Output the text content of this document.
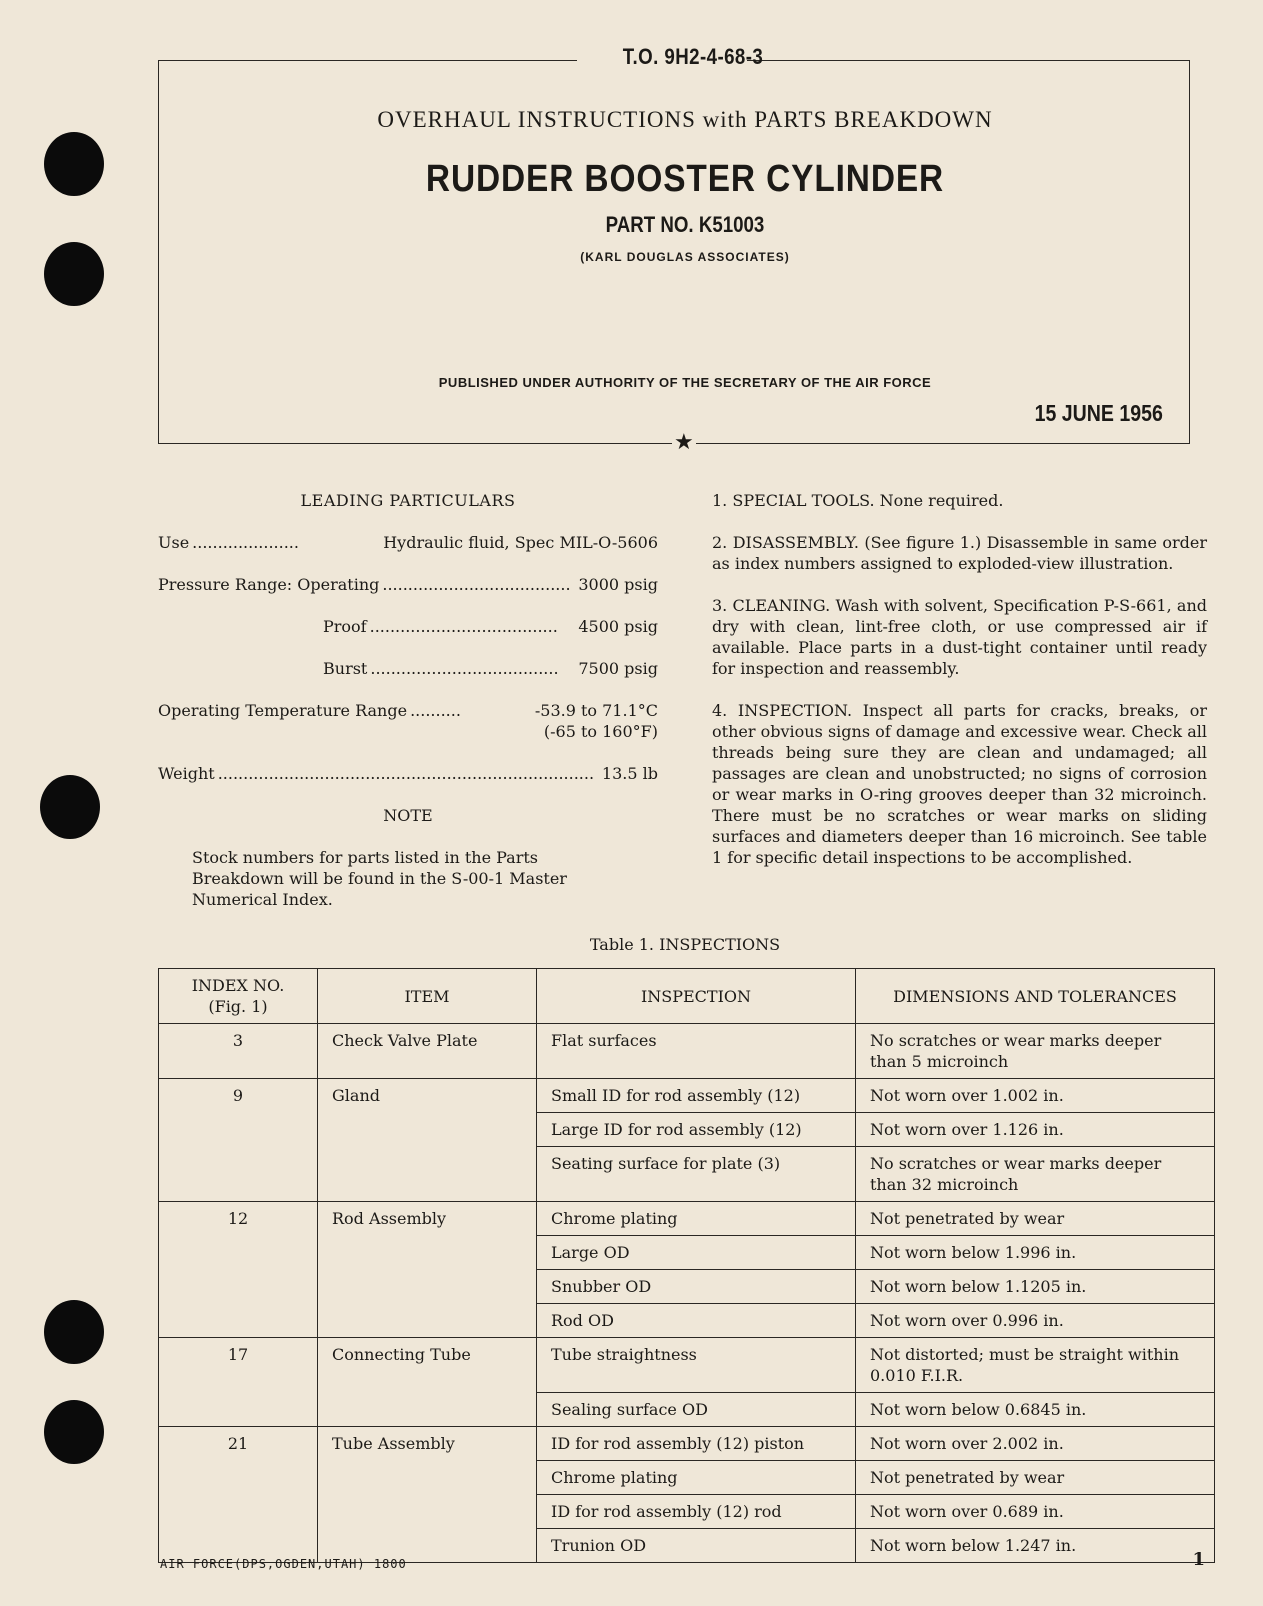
T.O. 9H2-4-68-3
OVERHAUL INSTRUCTIONS with PARTS BREAKDOWN
RUDDER BOOSTER CYLINDER
PART NO. K51003
(KARL DOUGLAS ASSOCIATES)
PUBLISHED UNDER AUTHORITY OF THE SECRETARY OF THE AIR FORCE
15 JUNE 1956
★
LEADING PARTICULARS
Use .....................	Hydraulic fluid, Spec MIL-O-5606
Pressure Range: Operating ..................................... 3000 psig
Proof .....................................	4500 psig
Burst .....................................	7500 psig
Operating Temperature Range ..........	-53.9 to 71.1°C
(-65 to 160°F)
Weight .......................................................................... 13.5 lb
NOTE
Stock numbers for parts listed in the Parts Breakdown will be found in the S-00-1 Master Numerical Index.

1. SPECIAL TOOLS. None required.

2. DISASSEMBLY. (See figure 1.) Disassemble in same order as index numbers assigned to exploded-view illustration.

3. CLEANING. Wash with solvent, Specification P-S-661, and dry with clean, lint-free cloth, or use compressed air if available. Place parts in a dust-tight container until ready for inspection and reassembly.

4. INSPECTION. Inspect all parts for cracks, breaks, or other obvious signs of damage and excessive wear. Check all threads being sure they are clean and undamaged; all passages are clean and unobstructed; no signs of corrosion or wear marks in O-ring grooves deeper than 32 microinch. There must be no scratches or wear marks on sliding surfaces and diameters deeper than 16 microinch. See table 1 for specific detail inspections to be accomplished.

Table 1. INSPECTIONS
INDEX NO. (Fig. 1)	ITEM	INSPECTION	DIMENSIONS AND TOLERANCES
3	Check Valve Plate	Flat surfaces	No scratches or wear marks deeper than 5 microinch
9	Gland	Small ID for rod assembly (12)	Not worn over 1.002 in.
		Large ID for rod assembly (12)	Not worn over 1.126 in.
		Seating surface for plate (3)	No scratches or wear marks deeper than 32 microinch
12	Rod Assembly	Chrome plating	Not penetrated by wear
		Large OD	Not worn below 1.996 in.
		Snubber OD	Not worn below 1.1205 in.
		Rod OD	Not worn over 0.996 in.
17	Connecting Tube	Tube straightness	Not distorted; must be straight within 0.010 F.I.R.
		Sealing surface OD	Not worn below 0.6845 in.
21	Tube Assembly	ID for rod assembly (12) piston	Not worn over 2.002 in.
		Chrome plating	Not penetrated by wear
		ID for rod assembly (12) rod	Not worn over 0.689 in.
		Trunion OD	Not worn below 1.247 in.
AIR FORCE(DPS,OGDEN,UTAH) 1800	1
